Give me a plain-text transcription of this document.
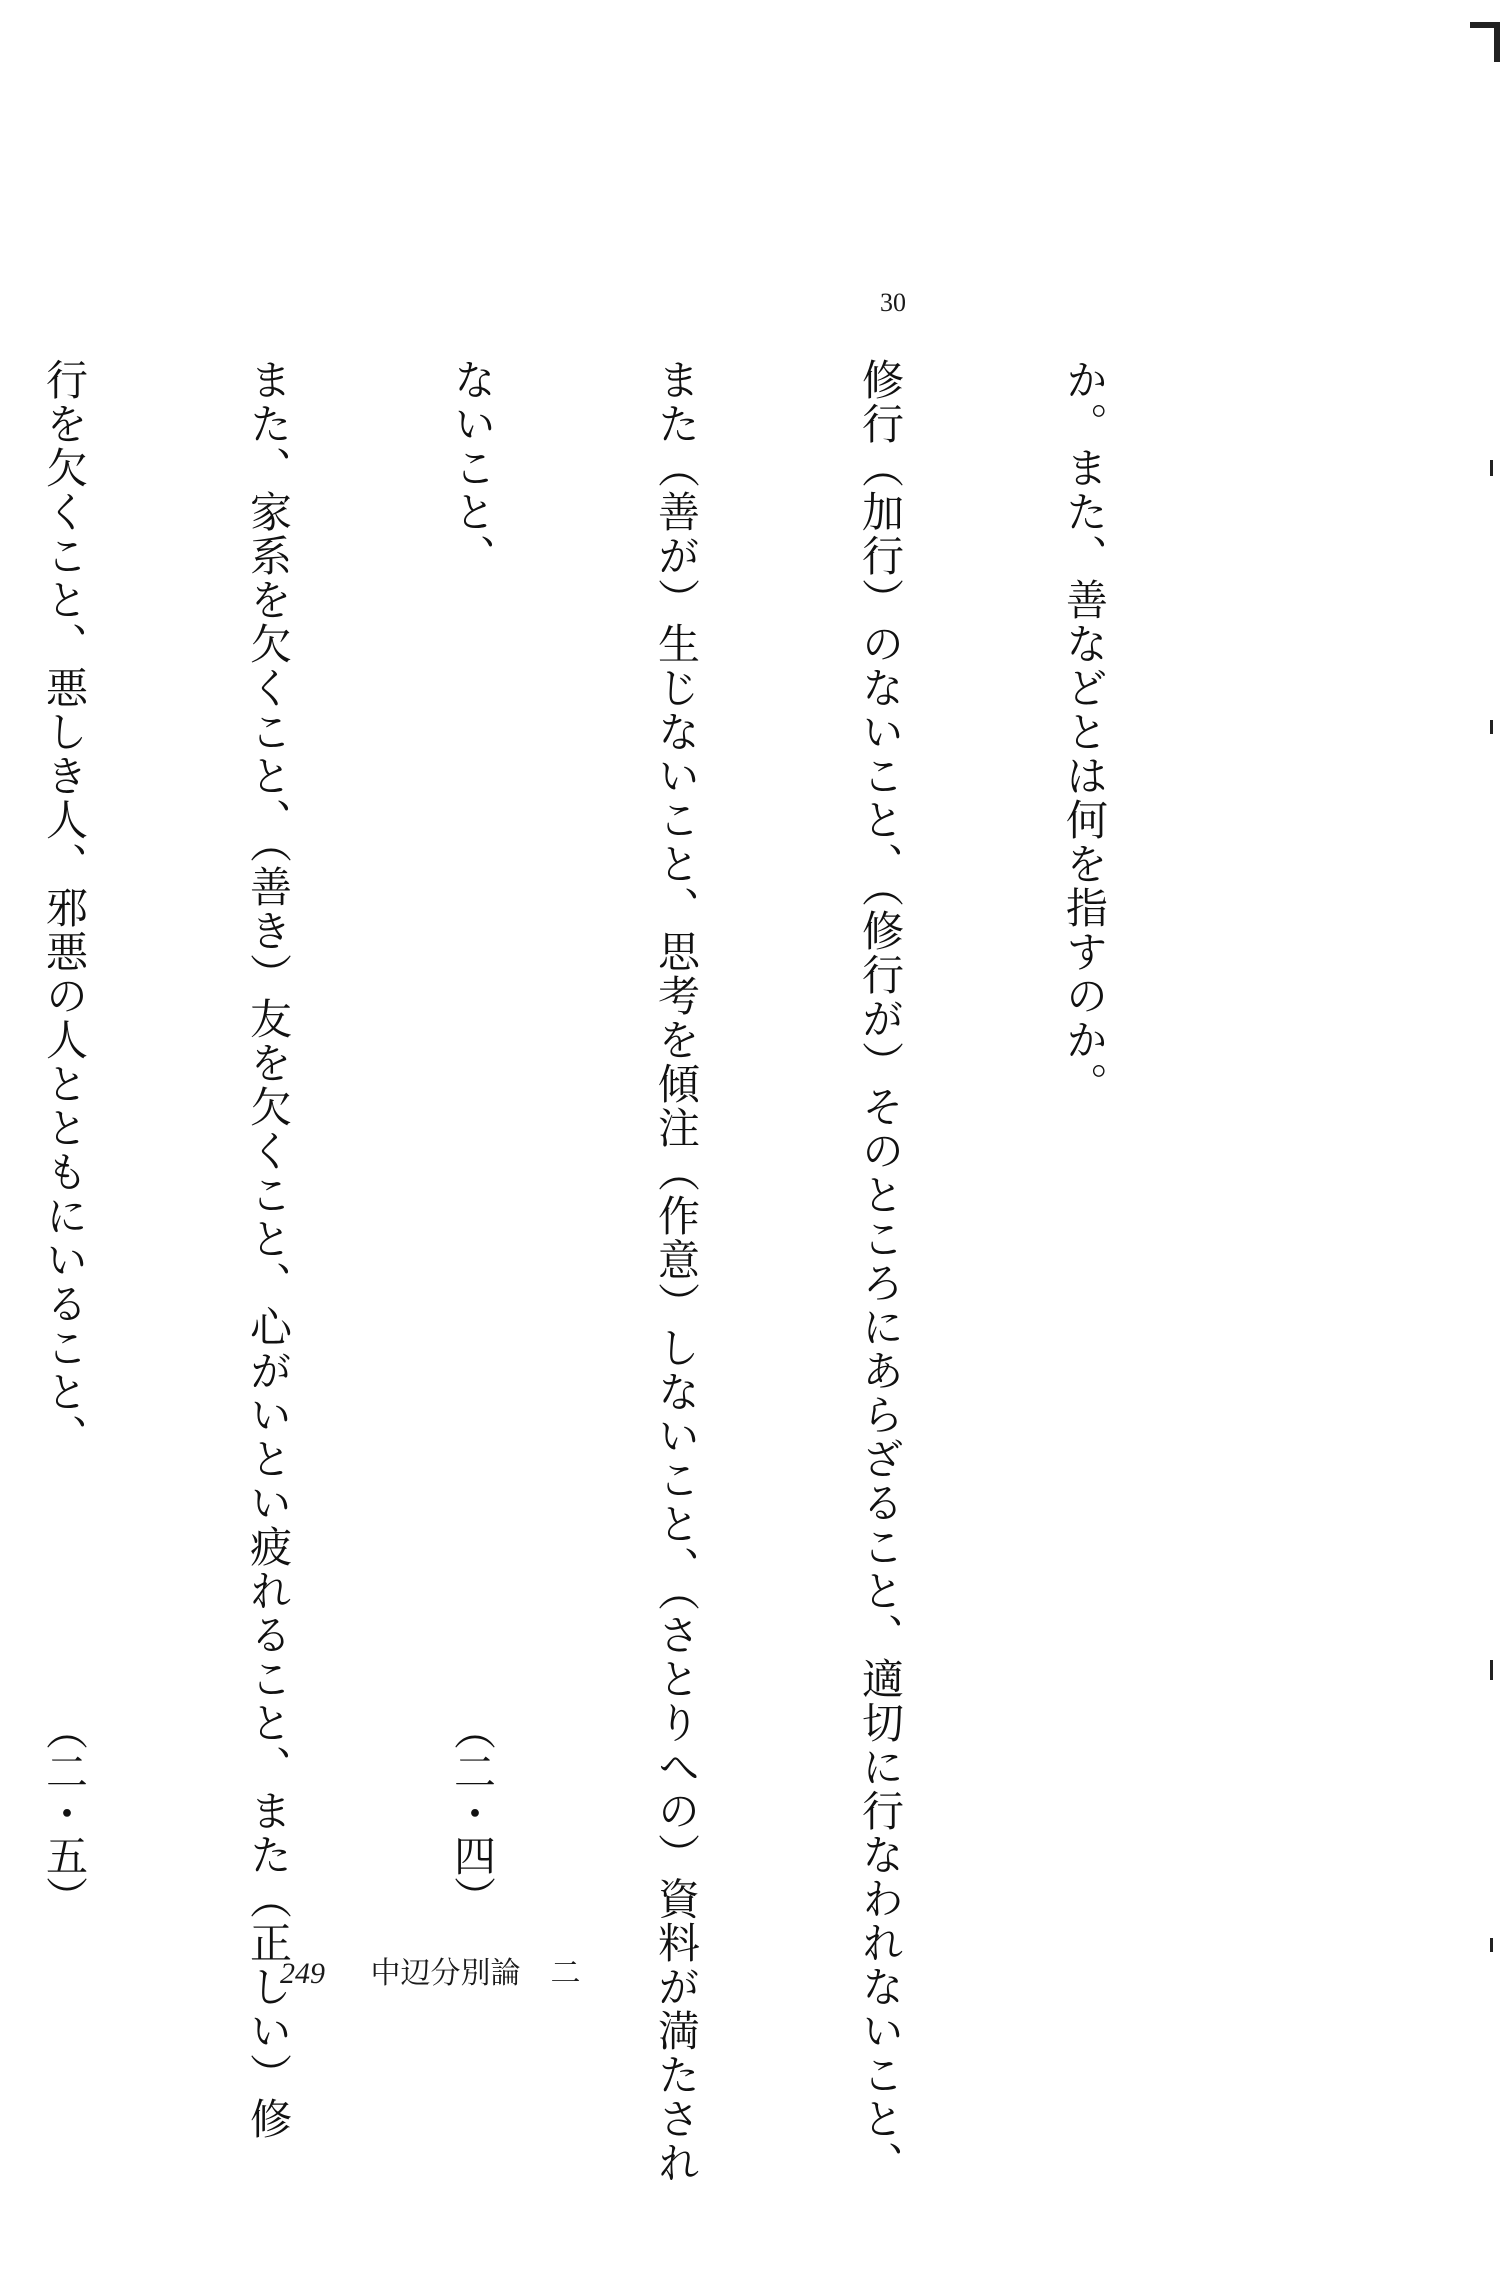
30

か。また、善などとは何を指すのか。

修行（加行）のないこと、（修行が）そのところにあらざること、適切に行なわれないこと、

また（善が）生じないこと、思考を傾注（作意）しないこと、（さとりへの）資料が満たされ

ないこと、
（二・四）

また、家系を欠くこと、（善き）友を欠くこと、心がいとい疲れること、また（正しい）修

行を欠くこと、悪しき人、邪悪の人とともにいること、
（二・五）

249 中辺分別論　二
